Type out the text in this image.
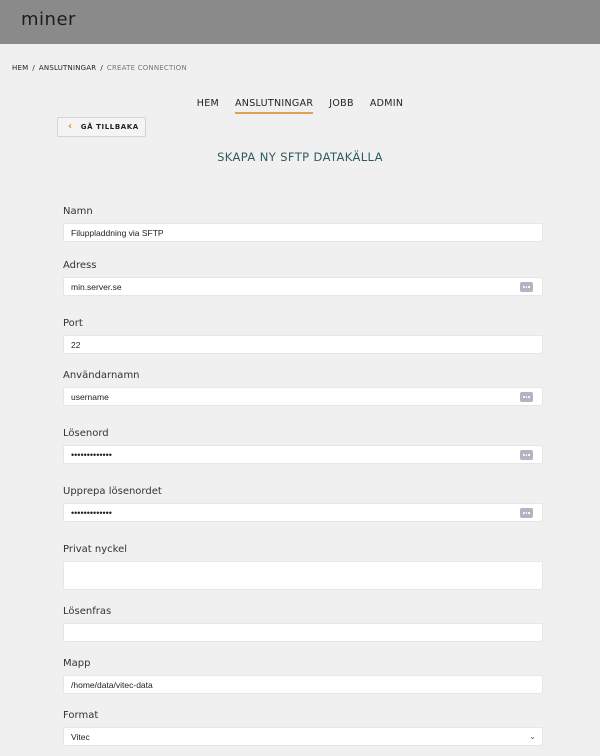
miner
HEM / ANSLUTNINGAR / CREATE CONNECTION
HEM ANSLUTNINGAR JOBB ADMIN
‹ GÅ TILLBAKA
SKAPA NY SFTP DATAKÄLLA
Namn
Filuppladdning via SFTP
Adress
min.server.se
Port
22
Användarnamn
username
Lösenord
•••••••••••••
Upprepa lösenordet
•••••••••••••
Privat nyckel
Lösenfras
Mapp
/home/data/vitec-data
Format
Vitec	⌄
